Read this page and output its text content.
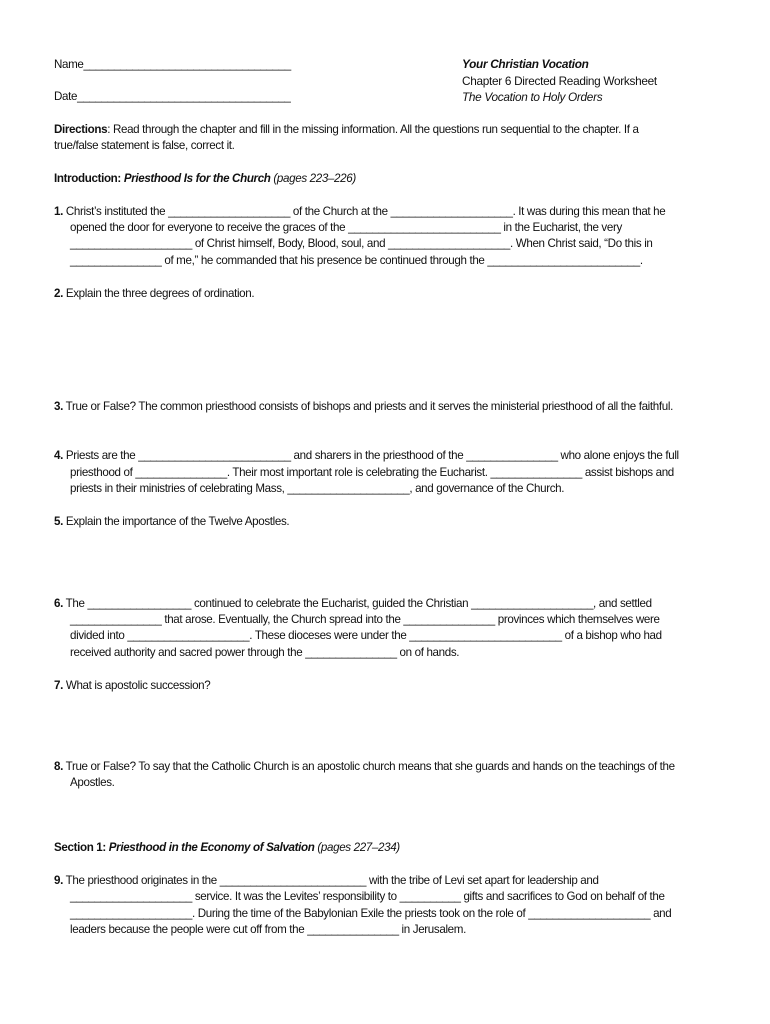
Name__________________________________
Date___________________________________
Your Christian Vocation
Chapter 6 Directed Reading Worksheet
The Vocation to Holy Orders
Directions: Read through the chapter and fill in the missing information. All the questions run sequential to the chapter. If a
true/false statement is false, correct it.
Introduction: Priesthood Is for the Church (pages 223–226)
1. Christ’s instituted the ____________________ of the Church at the ____________________. It was during this mean that he
opened the door for everyone to receive the graces of the _________________________ in the Eucharist, the very
____________________ of Christ himself, Body, Blood, soul, and ____________________. When Christ said, “Do this in
_______________ of me,” he commanded that his presence be continued through the _________________________.
2. Explain the three degrees of ordination.
3. True or False? The common priesthood consists of bishops and priests and it serves the ministerial priesthood of all the faithful.
4. Priests are the _________________________ and sharers in the priesthood of the _______________ who alone enjoys the full
priesthood of _______________. Their most important role is celebrating the Eucharist. _______________ assist bishops and
priests in their ministries of celebrating Mass, ____________________, and governance of the Church.
5. Explain the importance of the Twelve Apostles.
6. The _________________ continued to celebrate the Eucharist, guided the Christian ____________________, and settled
_______________ that arose. Eventually, the Church spread into the _______________ provinces which themselves were
divided into ____________________. These dioceses were under the _________________________ of a bishop who had
received authority and sacred power through the _______________ on of hands.
7. What is apostolic succession?
8. True or False? To say that the Catholic Church is an apostolic church means that she guards and hands on the teachings of the
Apostles.
Section 1: Priesthood in the Economy of Salvation (pages 227–234)
9. The priesthood originates in the ________________________ with the tribe of Levi set apart for leadership and
____________________ service. It was the Levites’ responsibility to __________ gifts and sacrifices to God on behalf of the
____________________. During the time of the Babylonian Exile the priests took on the role of ____________________ and
leaders because the people were cut off from the _______________ in Jerusalem.
